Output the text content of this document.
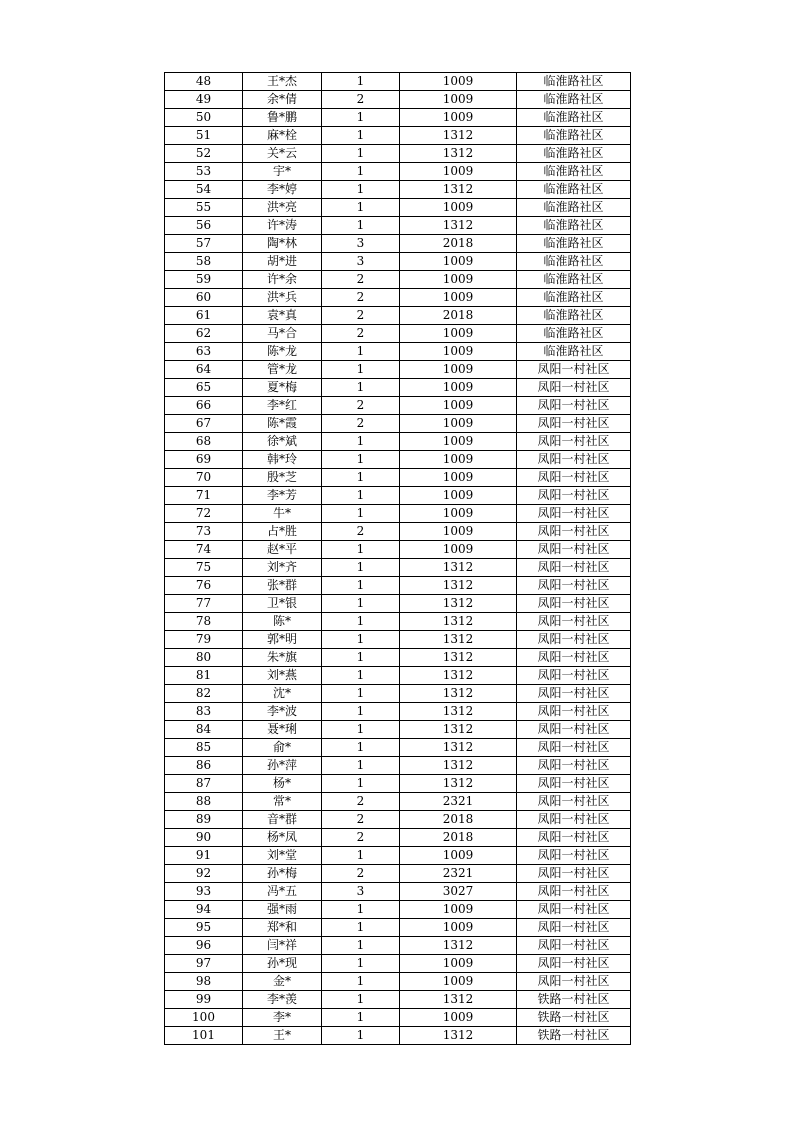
48	王*杰	1	1009	临淮路社区
49	余*倩	2	1009	临淮路社区
50	鲁*鹏	1	1009	临淮路社区
51	麻*栓	1	1312	临淮路社区
52	关*云	1	1312	临淮路社区
53	宇*	1	1009	临淮路社区
54	李*婷	1	1312	临淮路社区
55	洪*亮	1	1009	临淮路社区
56	许*涛	1	1312	临淮路社区
57	陶*林	3	2018	临淮路社区
58	胡*进	3	1009	临淮路社区
59	许*余	2	1009	临淮路社区
60	洪*兵	2	1009	临淮路社区
61	袁*真	2	2018	临淮路社区
62	马*合	2	1009	临淮路社区
63	陈*龙	1	1009	临淮路社区
64	管*龙	1	1009	凤阳一村社区
65	夏*梅	1	1009	凤阳一村社区
66	李*红	2	1009	凤阳一村社区
67	陈*霞	2	1009	凤阳一村社区
68	徐*斌	1	1009	凤阳一村社区
69	韩*玲	1	1009	凤阳一村社区
70	殷*芝	1	1009	凤阳一村社区
71	李*芳	1	1009	凤阳一村社区
72	牛*	1	1009	凤阳一村社区
73	占*胜	2	1009	凤阳一村社区
74	赵*平	1	1009	凤阳一村社区
75	刘*齐	1	1312	凤阳一村社区
76	张*群	1	1312	凤阳一村社区
77	卫*银	1	1312	凤阳一村社区
78	陈*	1	1312	凤阳一村社区
79	郭*明	1	1312	凤阳一村社区
80	朱*旗	1	1312	凤阳一村社区
81	刘*燕	1	1312	凤阳一村社区
82	沈*	1	1312	凤阳一村社区
83	李*波	1	1312	凤阳一村社区
84	聂*琍	1	1312	凤阳一村社区
85	俞*	1	1312	凤阳一村社区
86	孙*萍	1	1312	凤阳一村社区
87	杨*	1	1312	凤阳一村社区
88	常*	2	2321	凤阳一村社区
89	音*群	2	2018	凤阳一村社区
90	杨*凤	2	2018	凤阳一村社区
91	刘*堂	1	1009	凤阳一村社区
92	孙*梅	2	2321	凤阳一村社区
93	冯*五	3	3027	凤阳一村社区
94	强*雨	1	1009	凤阳一村社区
95	郑*和	1	1009	凤阳一村社区
96	闫*祥	1	1312	凤阳一村社区
97	孙*现	1	1009	凤阳一村社区
98	金*	1	1009	凤阳一村社区
99	李*羡	1	1312	铁路一村社区
100	李*	1	1009	铁路一村社区
101	王*	1	1312	铁路一村社区
